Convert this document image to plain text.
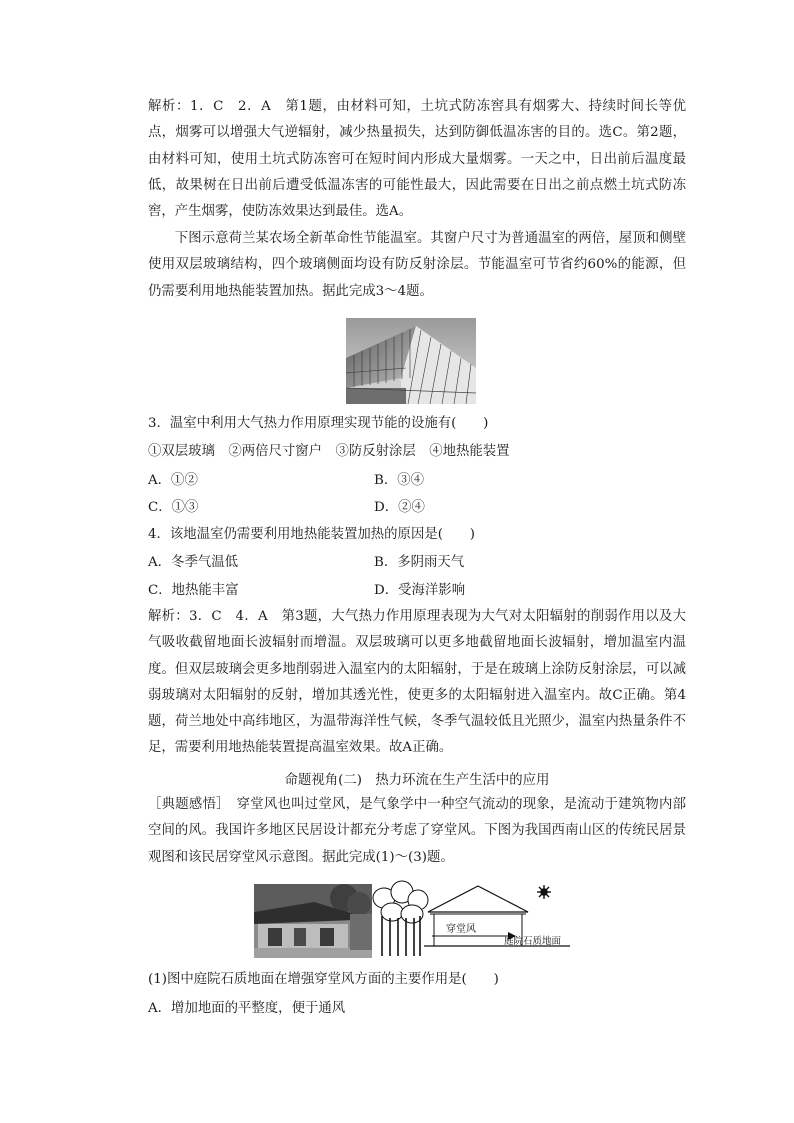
解析：1．C　2．A　第1题，由材料可知，土坑式防冻窖具有烟雾大、持续时间长等优点，烟雾可以增强大气逆辐射，减少热量损失，达到防御低温冻害的目的。选C。第2题，由材料可知，使用土坑式防冻窖可在短时间内形成大量烟雾。一天之中，日出前后温度最低，故果树在日出前后遭受低温冻害的可能性最大，因此需要在日出之前点燃土坑式防冻窖，产生烟雾，使防冻效果达到最佳。选A。

下图示意荷兰某农场全新革命性节能温室。其窗户尺寸为普通温室的两倍，屋顶和侧壁使用双层玻璃结构，四个玻璃侧面均设有防反射涂层。节能温室可节省约60%的能源，但仍需要利用地热能装置加热。据此完成3～4题。

3．温室中利用大气热力作用原理实现节能的设施有(　　)

①双层玻璃　②两倍尺寸窗户　③防反射涂层　④地热能装置

A．①②	B．③④
C．①③	D．②④

4．该地温室仍需要利用地热能装置加热的原因是(　　)

A．冬季气温低	B．多阴雨天气
C．地热能丰富	D．受海洋影响

解析：3．C　4．A　第3题，大气热力作用原理表现为大气对太阳辐射的削弱作用以及大气吸收截留地面长波辐射而增温。双层玻璃可以更多地截留地面长波辐射，增加温室内温度。但双层玻璃会更多地削弱进入温室内的太阳辐射，于是在玻璃上涂防反射涂层，可以减弱玻璃对太阳辐射的反射，增加其透光性，使更多的太阳辐射进入温室内。故C正确。第4题，荷兰地处中高纬地区，为温带海洋性气候，冬季气温较低且光照少，温室内热量条件不足，需要利用地热能装置提高温室效果。故A正确。

命题视角(二)　热力环流在生产生活中的应用

［典题感悟］　穿堂风也叫过堂风，是气象学中一种空气流动的现象，是流动于建筑物内部空间的风。我国许多地区民居设计都充分考虑了穿堂风。下图为我国西南山区的传统民居景观图和该民居穿堂风示意图。据此完成(1)～(3)题。

穿堂风
庭院石质地面

(1)图中庭院石质地面在增强穿堂风方面的主要作用是(　　)

A．增加地面的平整度，便于通风
